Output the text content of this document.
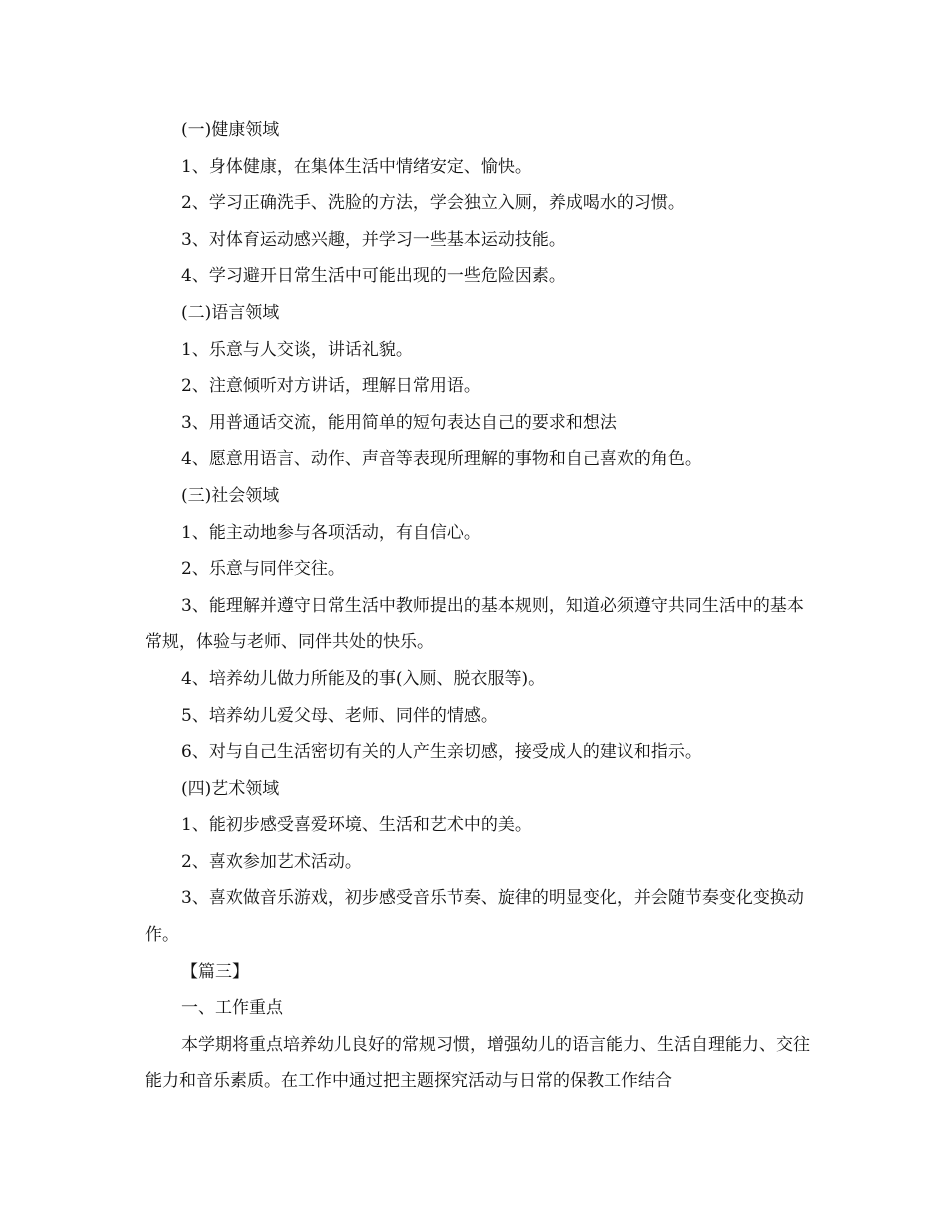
(一)健康领域

1、身体健康，在集体生活中情绪安定、愉快。

2、学习正确洗手、洗脸的方法，学会独立入厕，养成喝水的习惯。

3、对体育运动感兴趣，并学习一些基本运动技能。

4、学习避开日常生活中可能出现的一些危险因素。

(二)语言领域

1、乐意与人交谈，讲话礼貌。

2、注意倾听对方讲话，理解日常用语。

3、用普通话交流，能用简单的短句表达自己的要求和想法

4、愿意用语言、动作、声音等表现所理解的事物和自己喜欢的角色。

(三)社会领域

1、能主动地参与各项活动，有自信心。

2、乐意与同伴交往。

3、能理解并遵守日常生活中教师提出的基本规则，知道必须遵守共同生活中的基本常规，体验与老师、同伴共处的快乐。

4、培养幼儿做力所能及的事(入厕、脱衣服等)。

5、培养幼儿爱父母、老师、同伴的情感。

6、对与自己生活密切有关的人产生亲切感，接受成人的建议和指示。

(四)艺术领域

1、能初步感受喜爱环境、生活和艺术中的美。

2、喜欢参加艺术活动。

3、喜欢做音乐游戏，初步感受音乐节奏、旋律的明显变化，并会随节奏变化变换动作。

【篇三】

一、工作重点

本学期将重点培养幼儿良好的常规习惯，增强幼儿的语言能力、生活自理能力、交往能力和音乐素质。在工作中通过把主题探究活动与日常的保教工作结合
